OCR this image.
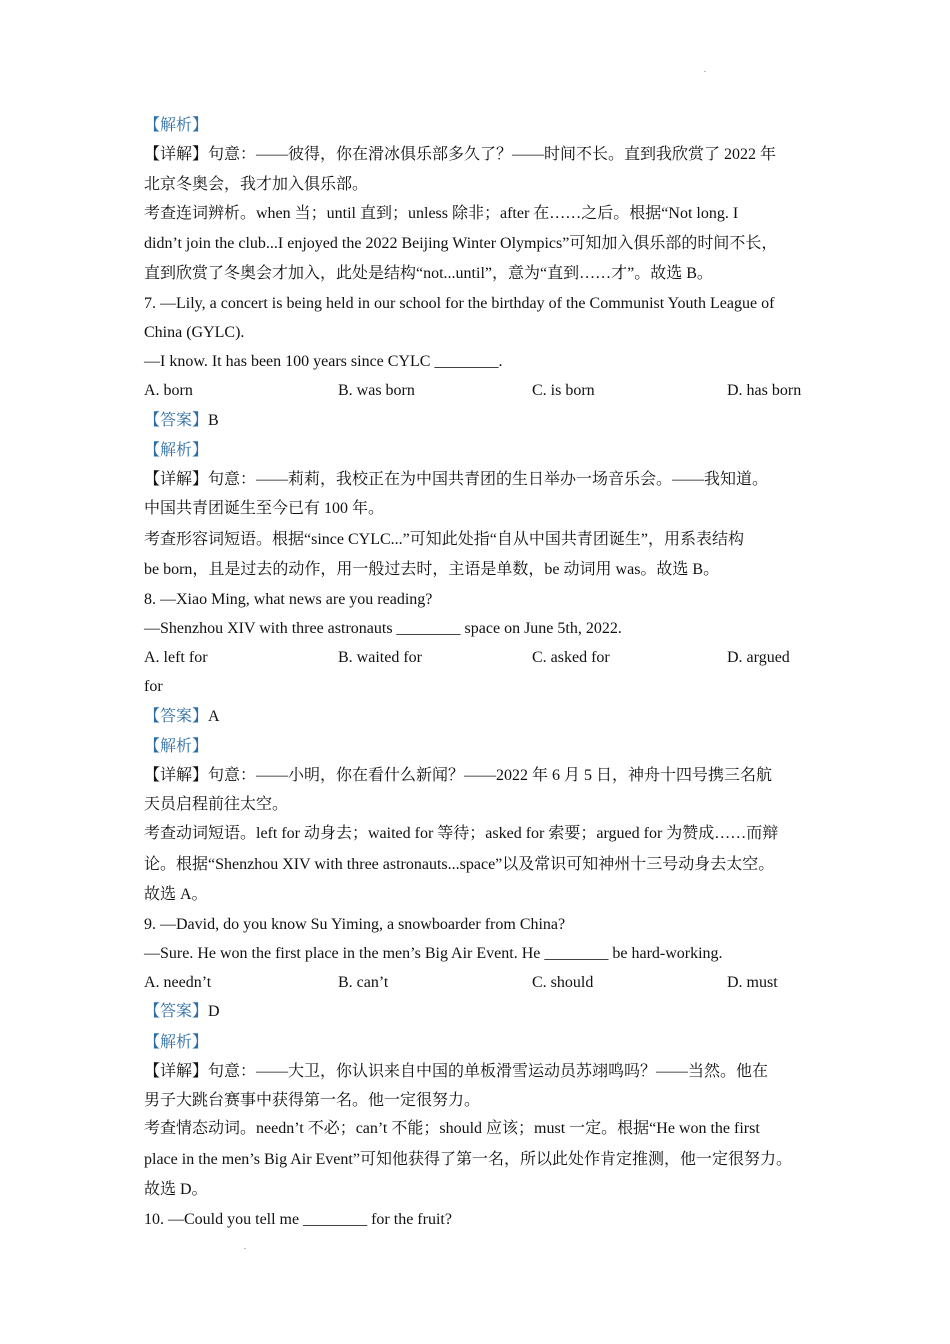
【解析】
【详解】句意：——彼得，你在滑冰俱乐部多久了？——时间不长。直到我欣赏了 2022 年
北京冬奥会，我才加入俱乐部。
考查连词辨析。when 当；until 直到；unless 除非；after 在……之后。根据“Not long. I
didn’t join the club...I enjoyed the 2022 Beijing Winter Olympics”可知加入俱乐部的时间不长，
直到欣赏了冬奥会才加入，此处是结构“not...until”，意为“直到……才”。故选 B。
7. —Lily, a concert is being held in our school for the birthday of the Communist Youth League of
China (GYLC).
—I know. It has been 100 years since CYLC ________.
A. born	B. was born	C. is born	D. has born
【答案】B
【解析】
【详解】句意：——莉莉，我校正在为中国共青团的生日举办一场音乐会。——我知道。
中国共青团诞生至今已有 100 年。
考查形容词短语。根据“since CYLC...”可知此处指“自从中国共青团诞生”，用系表结构
be born，且是过去的动作，用一般过去时，主语是单数，be 动词用 was。故选 B。
8. —Xiao Ming, what news are you reading?
—Shenzhou XIV with three astronauts ________ space on June 5th, 2022.
A. left for	B. waited for	C. asked for	D. argued
for
【答案】A
【解析】
【详解】句意：——小明，你在看什么新闻？——2022 年 6 月 5 日，神舟十四号携三名航
天员启程前往太空。
考查动词短语。left for 动身去；waited for 等待；asked for 索要；argued for 为赞成……而辩
论。根据“Shenzhou XIV with three astronauts...space”以及常识可知神州十三号动身去太空。
故选 A。
9. —David, do you know Su Yiming, a snowboarder from China?
—Sure. He won the first place in the men’s Big Air Event. He ________ be hard-working.
A. needn’t	B. can’t	C. should	D. must
【答案】D
【解析】
【详解】句意：——大卫，你认识来自中国的单板滑雪运动员苏翊鸣吗？——当然。他在
男子大跳台赛事中获得第一名。他一定很努力。
考查情态动词。needn’t 不必；can’t 不能；should 应该；must 一定。根据“He won the first
place in the men’s Big Air Event”可知他获得了第一名，所以此处作肯定推测，他一定很努力。
故选 D。
10. —Could you tell me ________ for the fruit?
